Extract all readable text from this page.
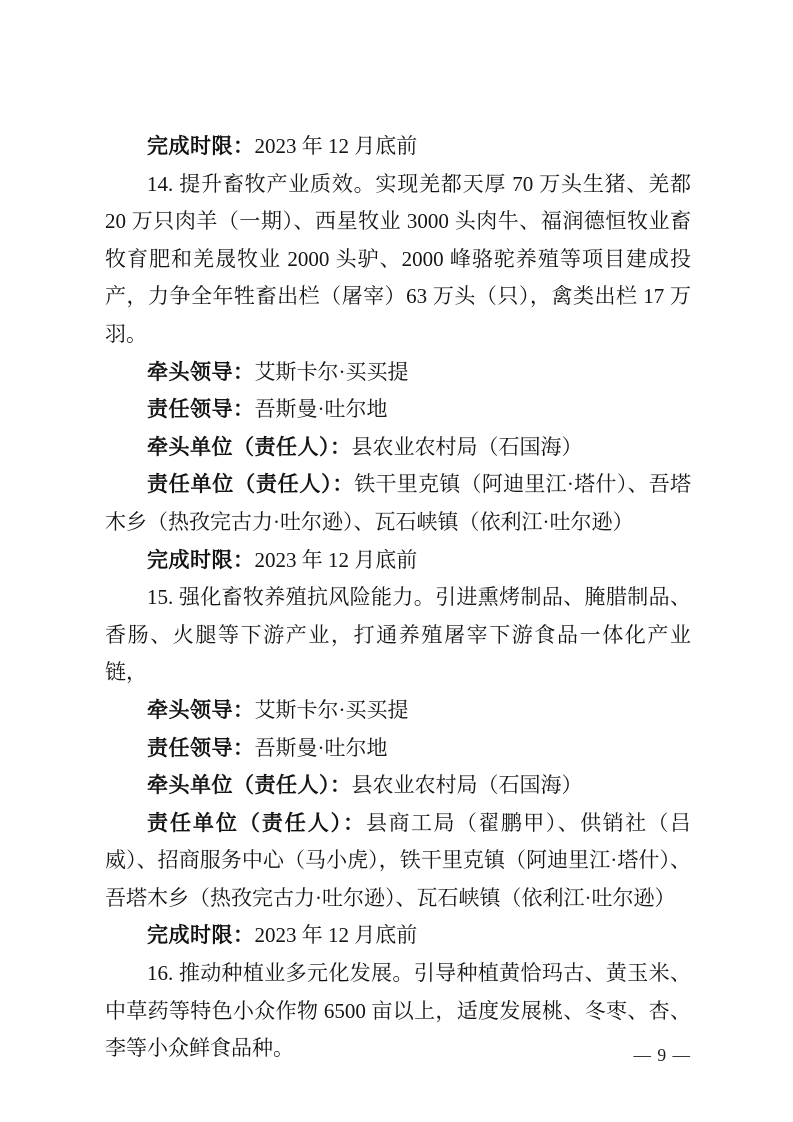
完成时限：2023 年 12 月底前

14. 提升畜牧产业质效。实现羌都天厚 70 万头生猪、羌都 20 万只肉羊（一期）、西星牧业 3000 头肉牛、福润德恒牧业畜牧育肥和羌晟牧业 2000 头驴、2000 峰骆驼养殖等项目建成投产，力争全年牲畜出栏（屠宰）63 万头（只），禽类出栏 17 万羽。

牵头领导：艾斯卡尔·买买提

责任领导：吾斯曼·吐尔地

牵头单位（责任人）：县农业农村局（石国海）

责任单位（责任人）：铁干里克镇（阿迪里江·塔什）、吾塔木乡（热孜完古力·吐尔逊）、瓦石峡镇（依利江·吐尔逊）

完成时限：2023 年 12 月底前

15. 强化畜牧养殖抗风险能力。引进熏烤制品、腌腊制品、香肠、火腿等下游产业，打通养殖屠宰下游食品一体化产业链，

牵头领导：艾斯卡尔·买买提

责任领导：吾斯曼·吐尔地

牵头单位（责任人）：县农业农村局（石国海）

责任单位（责任人）：县商工局（翟鹏甲）、供销社（吕威）、招商服务中心（马小虎），铁干里克镇（阿迪里江·塔什）、吾塔木乡（热孜完古力·吐尔逊）、瓦石峡镇（依利江·吐尔逊）

完成时限：2023 年 12 月底前

16. 推动种植业多元化发展。引导种植黄恰玛古、黄玉米、中草药等特色小众作物 6500 亩以上，适度发展桃、冬枣、杏、李等小众鲜食品种。	— 9 —
